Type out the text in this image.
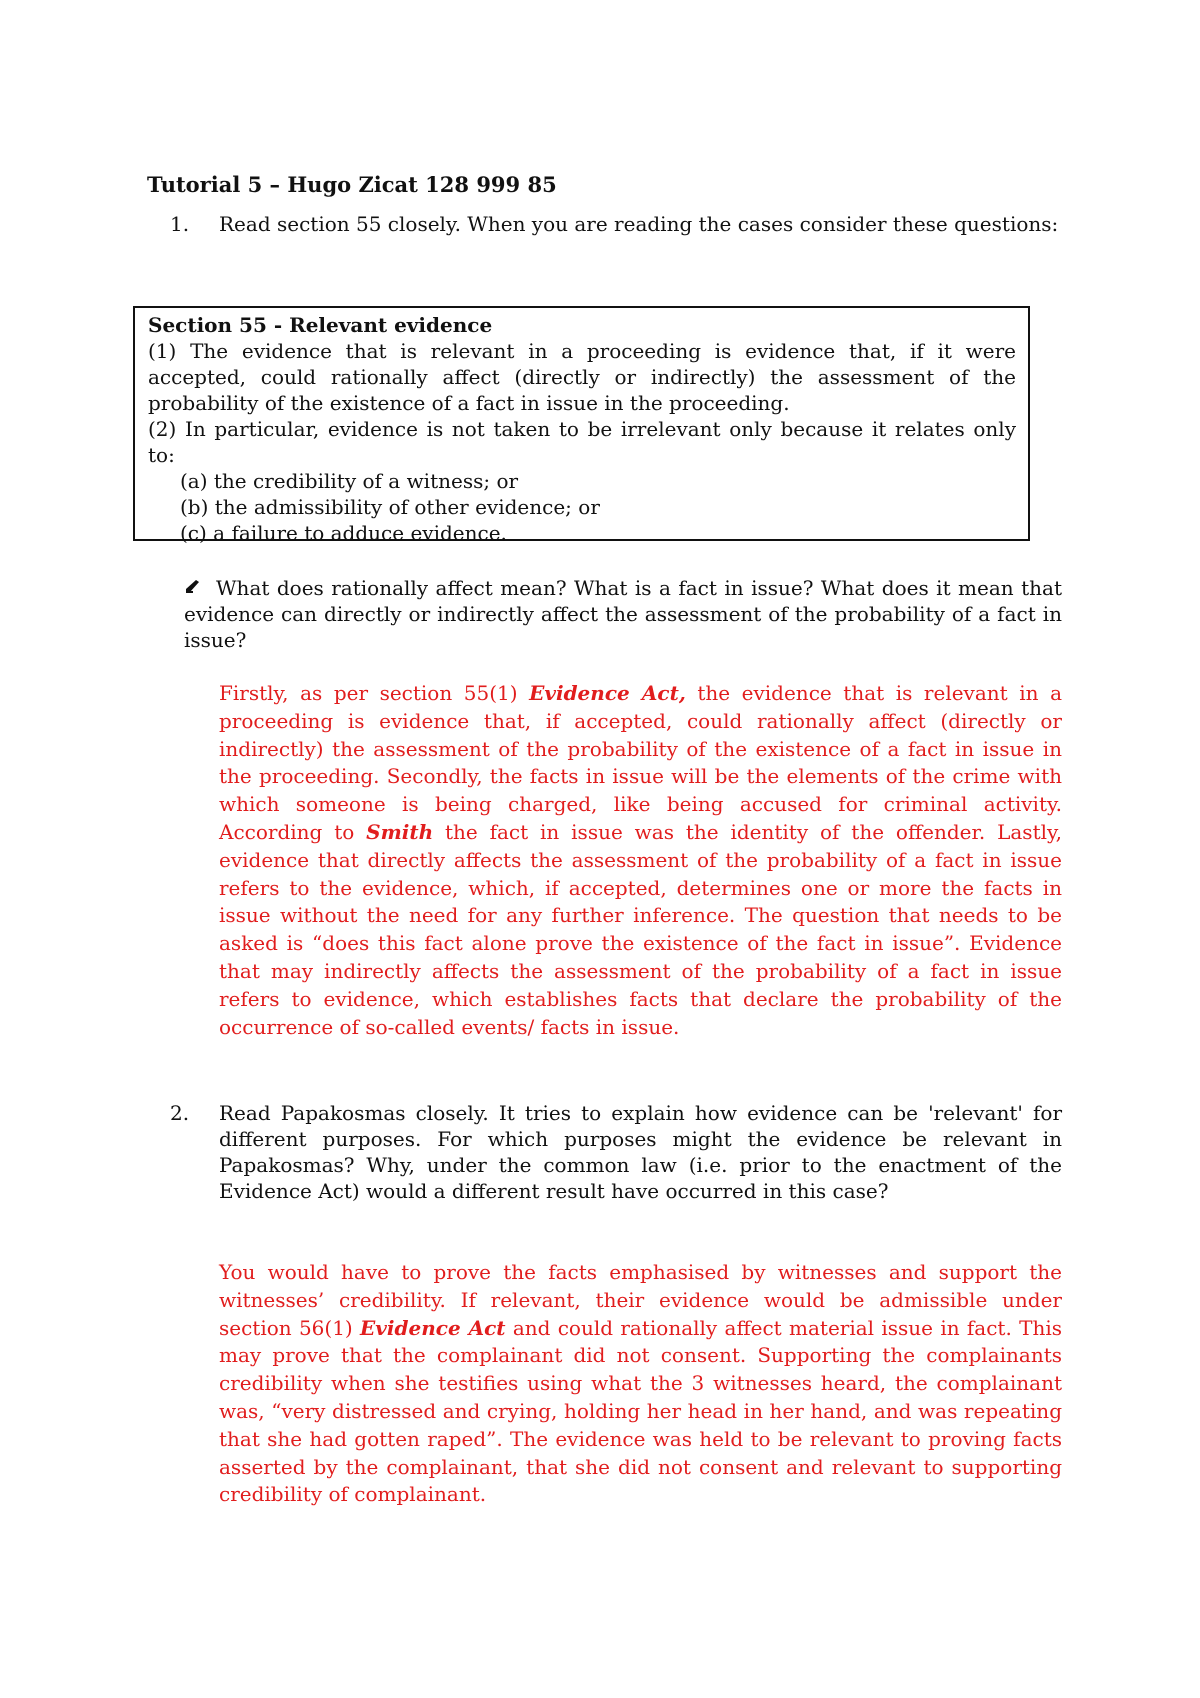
Tutorial 5 – Hugo Zicat 128 999 85
1. Read section 55 closely. When you are reading the cases consider these questions:
Section 55 - Relevant evidence
(1) The evidence that is relevant in a proceeding is evidence that, if it were accepted, could rationally affect (directly or indirectly) the assessment of the probability of the existence of a fact in issue in the proceeding.
(2) In particular, evidence is not taken to be irrelevant only because it relates only to:
(a) the credibility of a witness; or
(b) the admissibility of other evidence; or
(c) a failure to adduce evidence.
What does rationally affect mean? What is a fact in issue? What does it mean that evidence can directly or indirectly affect the assessment of the probability of a fact in issue?
Firstly, as per section 55(1) Evidence Act, the evidence that is relevant in a proceeding is evidence that, if accepted, could rationally affect (directly or indirectly) the assessment of the probability of the existence of a fact in issue in the proceeding. Secondly, the facts in issue will be the elements of the crime with which someone is being charged, like being accused for criminal activity. According to Smith the fact in issue was the identity of the offender. Lastly, evidence that directly affects the assessment of the probability of a fact in issue refers to the evidence, which, if accepted, determines one or more the facts in issue without the need for any further inference. The question that needs to be asked is “does this fact alone prove the existence of the fact in issue”. Evidence that may indirectly affects the assessment of the probability of a fact in issue refers to evidence, which establishes facts that declare the probability of the occurrence of so-called events/ facts in issue.
2. Read Papakosmas closely. It tries to explain how evidence can be 'relevant' for different purposes. For which purposes might the evidence be relevant in Papakosmas? Why, under the common law (i.e. prior to the enactment of the Evidence Act) would a different result have occurred in this case?
You would have to prove the facts emphasised by witnesses and support the witnesses’ credibility. If relevant, their evidence would be admissible under section 56(1) Evidence Act and could rationally affect material issue in fact. This may prove that the complainant did not consent. Supporting the complainants credibility when she testifies using what the 3 witnesses heard, the complainant was, “very distressed and crying, holding her head in her hand, and was repeating that she had gotten raped”. The evidence was held to be relevant to proving facts asserted by the complainant, that she did not consent and relevant to supporting credibility of complainant.
